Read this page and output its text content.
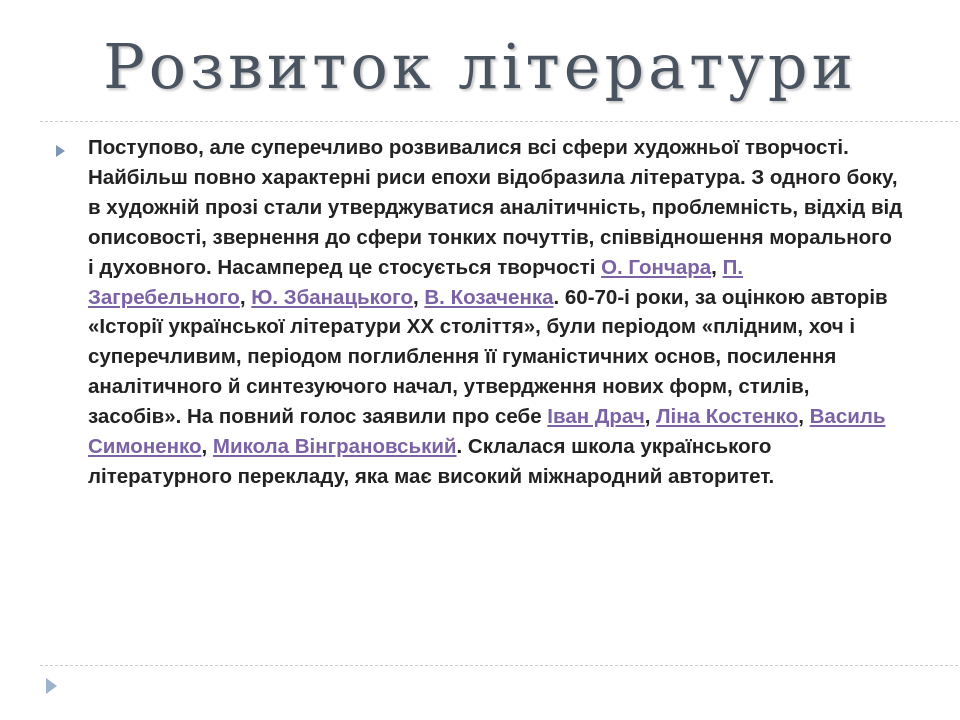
Розвиток літератури
Поступово, але суперечливо розвивалися всі сфери художньої творчості. Найбільш повно характерні риси епохи відобразила література. З одного боку, в художній прозі стали утверджуватися аналітичність, проблемність, відхід від описовості, звернення до сфери тонких почуттів, співвідношення морального і духовного. Насамперед це стосується творчості О. Гончара, П. Загребельного, Ю. Збанацького, В. Козаченка. 60-70-і роки, за оцінкою авторів «Історії української літератури XX століття», були періодом «плідним, хоч і суперечливим, періодом поглиблення її гуманістичних основ, посилення аналітичного й синтезуючого начал, утвердження нових форм, стилів, засобів». На повний голос заявили про себе Іван Драч, Ліна Костенко, Василь Симоненко, Микола Вінграновський. Склалася школа українського літературного перекладу, яка має високий міжнародний авторитет.
